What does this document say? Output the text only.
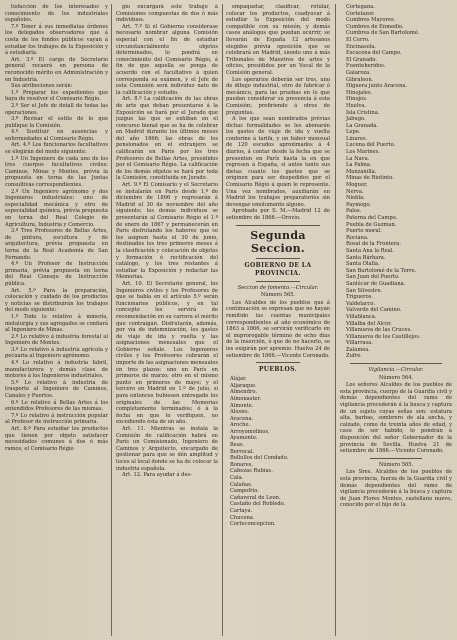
tisfacción de los interesados y conocimiento de los industriales españoles.

7.º Tener á sus inmediatas órdenes los delegados observadores que á costa de los fondos públicos vayan á estudiar los trabajos de la Exposición y á estudiarla.

Art. 3.º El cargo de Secretario general recaerá en persona de reconocido mérito en Administración y en Industria.

Sus atribuciones serán:

1.º Preparar los expedientes que haya de resolver el Comisario Régio.

2.º Ser el Jefe de detall de todas las operaciones.

3.º Revisar el estilo de lo que publique la Comisión.

4.º Sustituir en ausencias y enfermedades al Comisario Régio.

Art. 4.º Los funcionarios facultativos se elegirán del modo siguiente:

1.º Un Ingeniero de cada uno de los tres cuerpos facultativos civiles: Caminos, Minas y Montes, prévia la propuesta en terna de las Juntas consultivas correspondientes.

2.º Un Ingeniero agrónomo y dos Ingenieros industriales: uno de especialidad mecánica y otro de especialidad química, prévia propuesta en terna del Real Colegio de Agricultura, Industria y Comercio.

3.º Tres Profesores de Bellas Artes, de pintura, escultura y de arquitectura, prévia propuesta en terna de la Real Academia de San Fernando.

4.º Un Profesor de Instrucción primaria, prévia propuesta en terna del Real Consejo de Instrucción pública.

Art. 5.º Para la preparación, colocación y cuidado de los productos y noticias se distribuirán los trabajos del modo siguiente:

1.º Todo lo relativo á minería, metalurgia y sus agregados se confiará al Ingeniero de Minas.

2.º Lo relativo á industria forestal al Ingeniero de Montes.

3.º Lo relativo á industria agrícola y pecuaria al Ingeniero agrónomo.

4.º Lo relativo á industria fabril, manufacturera y demás clase de motores á los Ingenieros industriales.

5.º Lo relativo á industria de trasporte al Ingeniero de Caminos, Canales y Puertos.

6.º Lo relativo á Bellas Artes á los entendidos Profesores de las mismas.

7.º Lo relativo á instrucción popular al Profesor de instrucción primaria.

Art. 6.º Para estudiar los productos que tienen por objeto satisfacer necesidades comunes á dos ó más ramos, el Comisario Régio

gio encargará este trabajo á Comisiones compuestas de dos ó más individuos.

Art. 7.º Si el Gobierno considerase necesario nombrar alguna Comisión especial con el fin de estudiar circunstancialmente objetos determinados, lo pondrá en conocimiento del Comisario Régio, á fin de que aquella se ponga de acuerdo con el facultativo á quien corresponda su exámen, y el Jefe de esta Comisión será individuo nato de la calificación y estudio.

Art. 8.º La calificación de las obras de arte que deban presentarse á la Exposición se hará por el Jurado que juzgue las que se exhiban en el concurso bienal que se ha de celebrar en Madrid durante los últimos meses del año 1866; las obras de los pensionados en el extranjero se calificarán en París por los tres Profesores de Bellas Artes, presididos por el Comisario Régio. La calificación de los demás objetos se hará por toda la Comisión, constituida en Jurado.

Art. 9.º El Comisario y el Secretario se instalarán en París desde 1.º de diciembre de 1866 y regresarán á Madrid el 30 de noviembre del año siguiente; los demás individuos se presentarán al Comisario Régio el 1.º de enero de 1867 y permanecerán en París disfrutando los haberes que se les asignen hasta el 30 de junio, destinados los tres primeros meses á la clasificación y colocación de objetos y formación ó rectificación del catálogo, y los tres restantes á estudiar la Exposición y redactar las Memorias.

Art. 10. El Secretario general, los Ingenieros civiles y los Profesores de que se habla en el artículo 5.º serán funcionarios públicos, y en tal concepto les servirá de recomendación en su carrera el mérito que contraigan. Disfrutarán, además, por vía de indemnización, los gastos de viaje de ida y vuelta y las asignaciones mensuales que el Gobierno señale. Los Ingenieros civiles y los Profesores cobrarán el importe de las asignaciones mensuales en tres plazos: uno en París en primeros de marzo; otro en el mismo punto en primeros de mayo; y el tercero en Madrid en 1.º de julio, si para entonces hubiesen entregado los originales de las Memorias completamente terminados; ó á la fecha en que lo verifiquen, no excediendo ésta de un año.

Art. 11. Mientras se instala la Comisión de calificación habrá en París un Comisionado, Ingeniero de Caminos y Arquitecto, encargado de gestionar para que se dén amplitud y luces al local donde se ha de colocar la industria española.

Art. 12. Para ayudar á des-

empaquetar, clasificar, rotular, colocar los productos, coadyuvar á estudiar la Exposición del modo compatible con su misión, y demás casos análogos que puedan ocurrir, se llevarán de España 12 artesanos elegidos prévia oposición que se celebrará en Madrid, siendo uno á más Tribunales de Maestros de artes y oficios, presididos por un Vocal de la Comisión general.

Los operarios deberán ser tres, uno de dibujo industrial, otro de fabricar ó mecánico, para las pruebas en lo que puedan considerar su presencia á esta Comisión; prefiriendo á otros de preguntas.

A los que sean nombrados prévias dichas formalidades se les abonarán los gastos de viaje de ida y vuelta conforme á tarifa, y un haber mensual de 120 escudos aproximados á 4 diarios, á contar desde la fecha que se presenten en París hasta la en que regresen á España, si antes tanto sus dietas cuanto los gastos que se originen para ser despedidos por el Comisario Régio á quien le represente. Una vez nombrados, auxiliarán en Madrid los trabajos preparatorios sin devengar emolumento alguno.

Aprobado por S. M.—Madrid 12 de setiembre de 1866.—Orovio.

Segunda Seccion.

GOBIERNO DE LA PROVINCIA.

Seccion de fomento.—Circular.

Número 565.

Los Alcaldes de los pueblos que á continuación se expresan que no hayan remitido las cuentas municipales correspondientes al año económico de 1863 á 1866, se servirán verificarlo en el improrogable término de ocho dias de la inserción, ó que de no hacerlo, se les exigirán por apremio. Huelva 24 de setiembre de 1866.—Vicente Coronado.

PUEBLOS.

Alájar.
Aljaraque.
Almendro.
Almonaster.
Almonte.
Alosno.
Aracena.
Aroche.
Arroyomolinos.
Ayamonte.
Beas.
Berrocal.
Bollullos del Condado.
Bonares.
Cabezas Rubias.
Cala.
Calañas.
Campofrio.
Cañaveral de Leon.
Castaño del Robledo.
Cartaya.
Chucena.
Corteconcepcion.
Cortegana.
Cortelazor.
Cumbres Mayores.
Cumbres de Enmedio.
Cumbres de San Bartolomé.
El Cerro.
Encinasola.
Escacena del Campo.
El Granado.
Fuenteheridos.
Galaroza.
Gibraleon.
Higuera junto Aracena.
Hinojales.
Hinojos.
Huelva.
Isla Cristina.
Jabugo.
La Granada.
Lepe.
Linares.
Lucena del Puerto.
Los Marines.
La Nava.
La Palma.
Manzanilla.
Minas de Riotinto.
Moguer.
Nerva.
Niebla.
Paymogo.
Palos.
Paterna del Campo.
Puebla de Guzman.
Puerto moral.
Rociana.
Rosal de la Frontera.
Santa Ana la Real.
Santa Bárbara.
Santa Olalla.
San Bartolomé de la Torre.
San Juan del Puerto.
Sanlúcar de Guadiana.
San Silvestre.
Trigueros.
Valdelarco.
Valverde del Camino.
Villablanca.
Villalba del Alcor.
Villanueva de las Cruces.
Villanueva de los Castillejos.
Villarrasa.
Zalamea.
Zufre.

Vigilancia.—Circular.

Número 564.

Los señores Alcaldes de los pueblos de esta provincia, cuerpo de la Guardia civil y demás dependientes del ramo de vigilancia procederán á la busca y captura de un sujeto cuyas señas son: estatura alta, barbas, sombrero de ala ancha, y calzado, como de treinta años de edad, y caso de ser habido, lo pondrán á disposición del señor Gobernador de la provincia de Sevilla. Huelva 21 de setiembre de 1866.—Vicente Coronado.

Número 565.

Los Sres. Alcaldes de los pueblos de esta provincia, fuerza de la Guardia civil y demás dependientes del ramo de vigilancia procederán á la busca y captura de Juan Flores Montes, castellano nuevo, conocido por el hijo de la
